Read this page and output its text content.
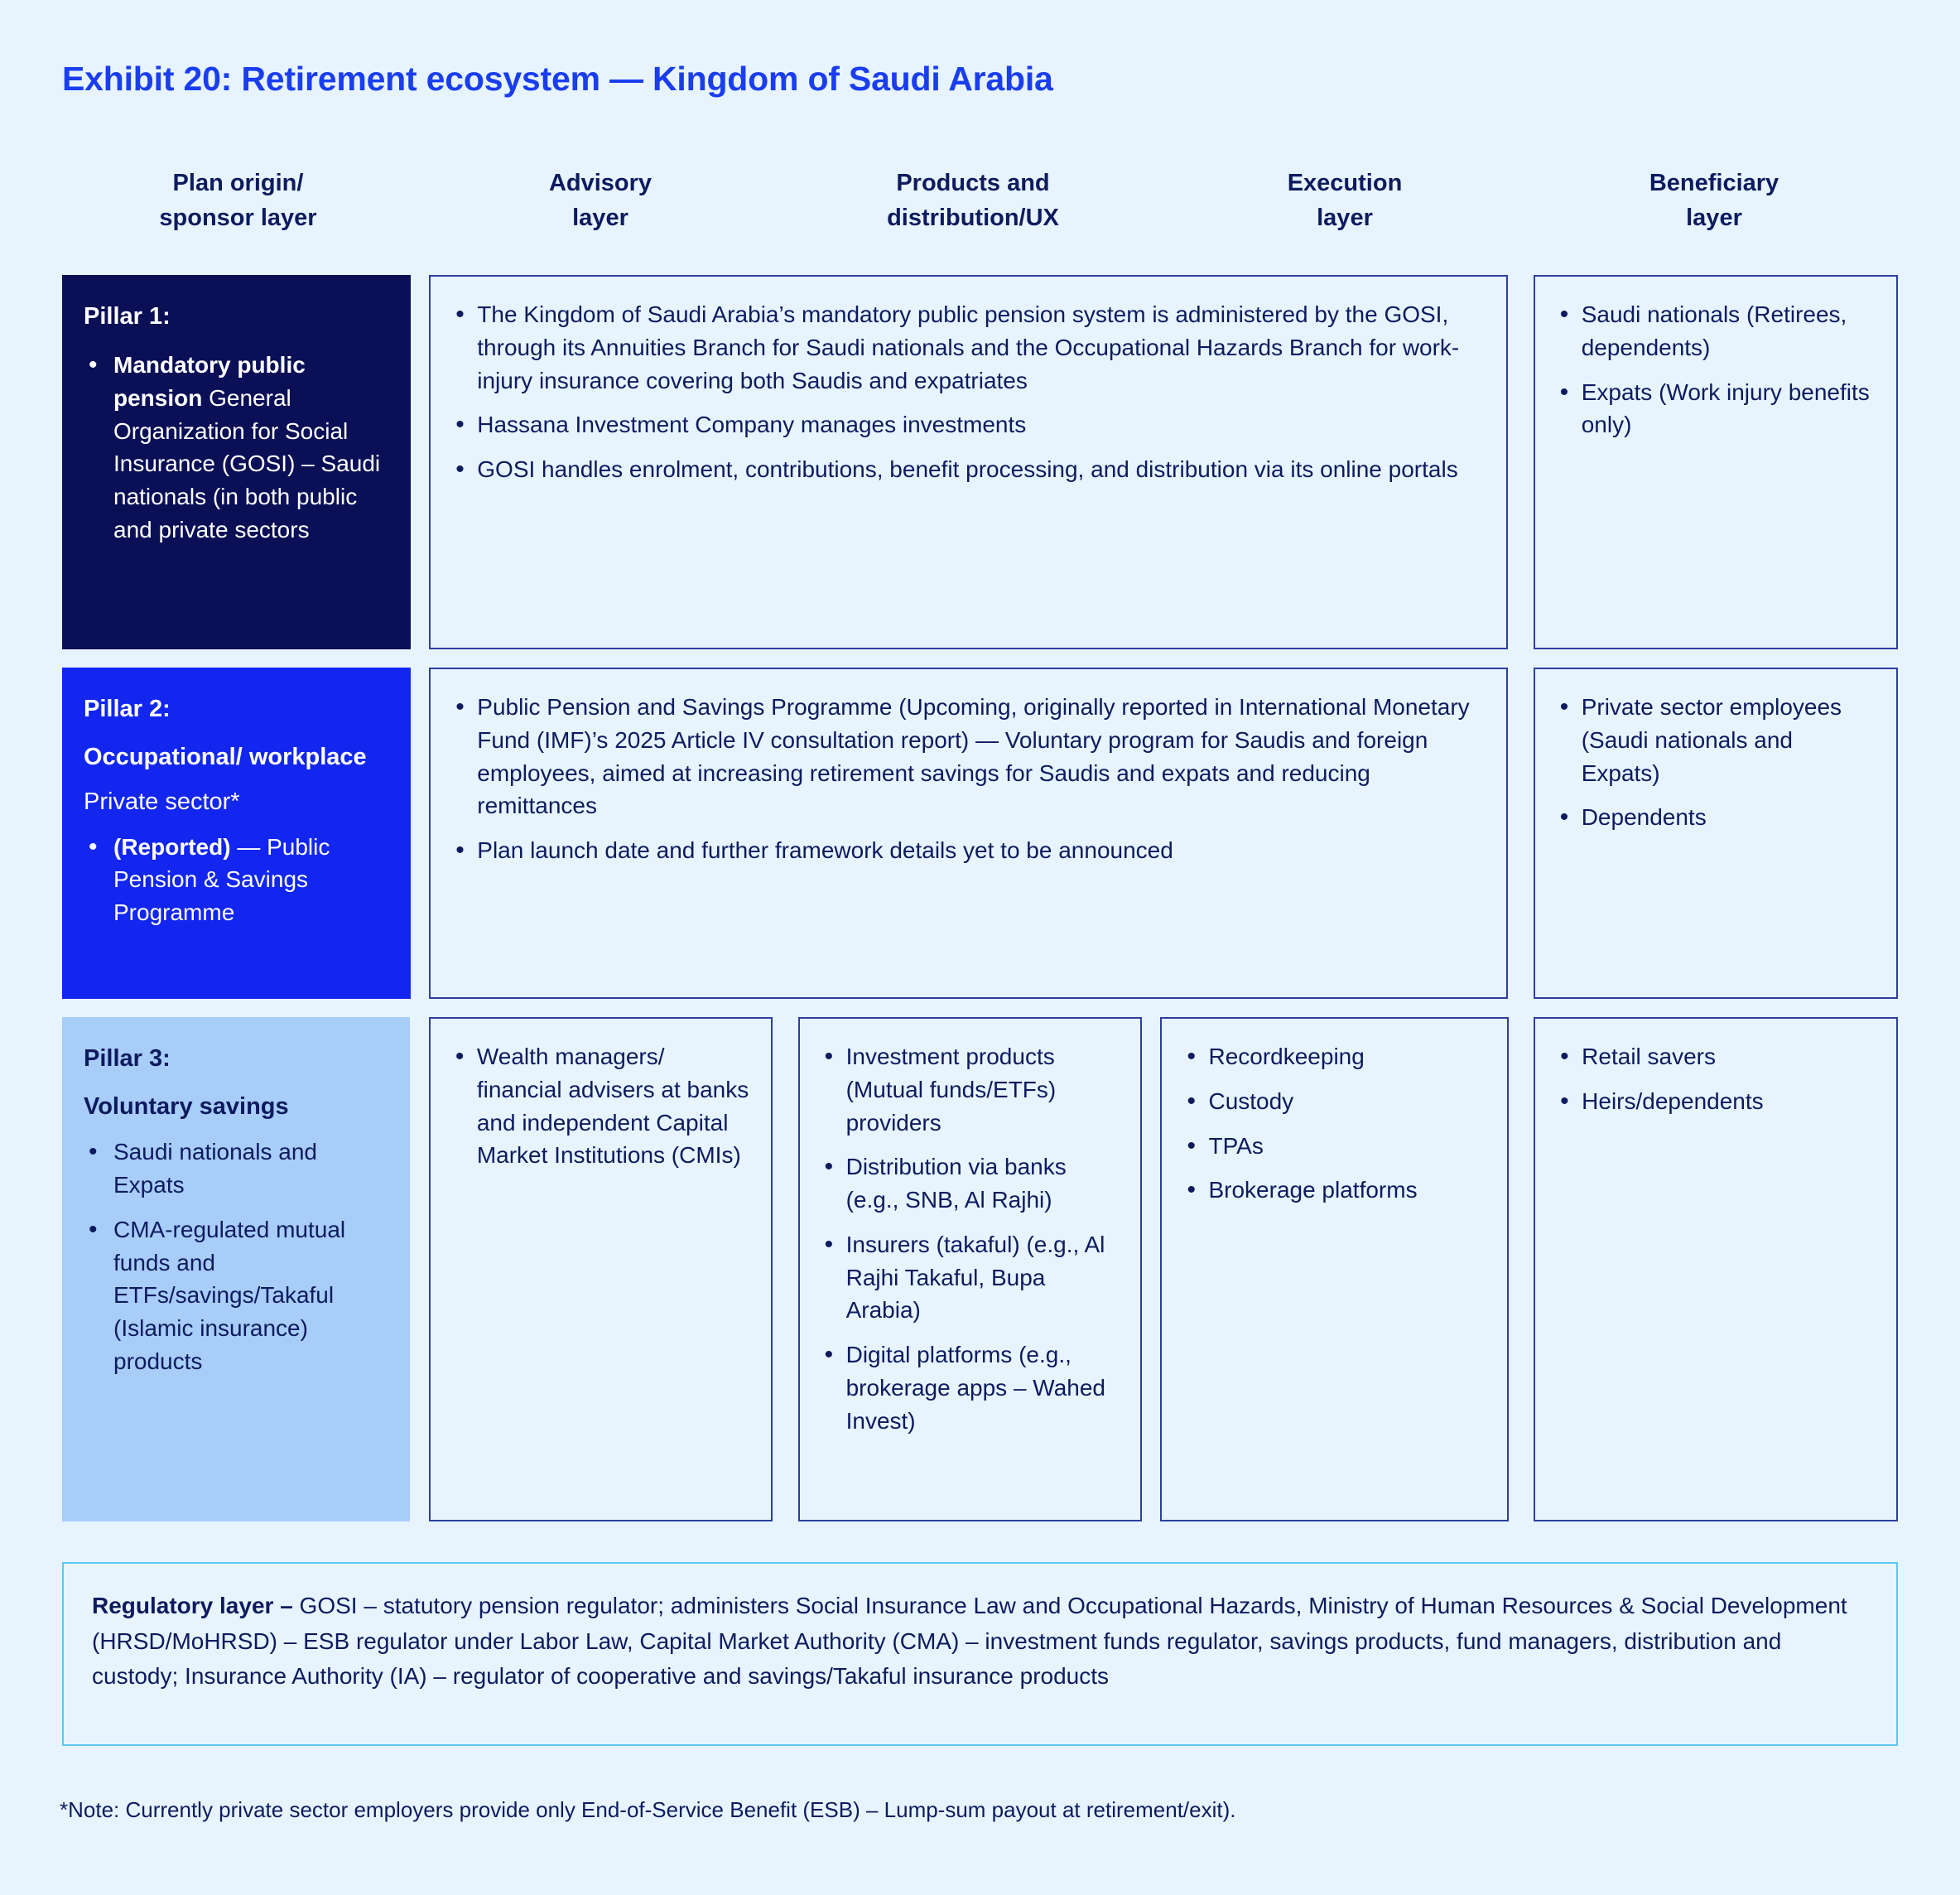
Exhibit 20: Retirement ecosystem — Kingdom of Saudi Arabia
Plan origin/
sponsor layer
Advisory
layer
Products and
distribution/UX
Execution
layer
Beneficiary
layer
Pillar 1:
• Mandatory public pension General Organization for Social Insurance (GOSI) – Saudi nationals (in both public and private sectors
• The Kingdom of Saudi Arabia’s mandatory public pension system is administered by the GOSI, through its Annuities Branch for Saudi nationals and the Occupational Hazards Branch for work-injury insurance covering both Saudis and expatriates
• Hassana Investment Company manages investments
• GOSI handles enrolment, contributions, benefit processing, and distribution via its online portals
• Saudi nationals (Retirees, dependents)
• Expats (Work injury benefits only)
Pillar 2:
Occupational/ workplace
Private sector*
• (Reported) — Public Pension & Savings Programme
• Public Pension and Savings Programme (Upcoming, originally reported in International Monetary Fund (IMF)’s 2025 Article IV consultation report) — Voluntary program for Saudis and foreign employees, aimed at increasing retirement savings for Saudis and expats and reducing remittances
• Plan launch date and further framework details yet to be announced
• Private sector employees (Saudi nationals and Expats)
• Dependents
Pillar 3:
Voluntary savings
• Saudi nationals and Expats
• CMA-regulated mutual funds and ETFs/savings/Takaful (Islamic insurance) products
• Wealth managers/ financial advisers at banks and independent Capital Market Institutions (CMIs)
• Investment products (Mutual funds/ETFs) providers
• Distribution via banks (e.g., SNB, Al Rajhi)
• Insurers (takaful) (e.g., Al Rajhi Takaful, Bupa Arabia)
• Digital platforms (e.g., brokerage apps – Wahed Invest)
• Recordkeeping
• Custody
• TPAs
• Brokerage platforms
• Retail savers
• Heirs/dependents
Regulatory layer – GOSI – statutory pension regulator; administers Social Insurance Law and Occupational Hazards, Ministry of Human Resources & Social Development (HRSD/MoHRSD) – ESB regulator under Labor Law, Capital Market Authority (CMA) – investment funds regulator, savings products, fund managers, distribution and custody; Insurance Authority (IA) – regulator of cooperative and savings/Takaful insurance products
*Note: Currently private sector employers provide only End-of-Service Benefit (ESB) – Lump-sum payout at retirement/exit).
